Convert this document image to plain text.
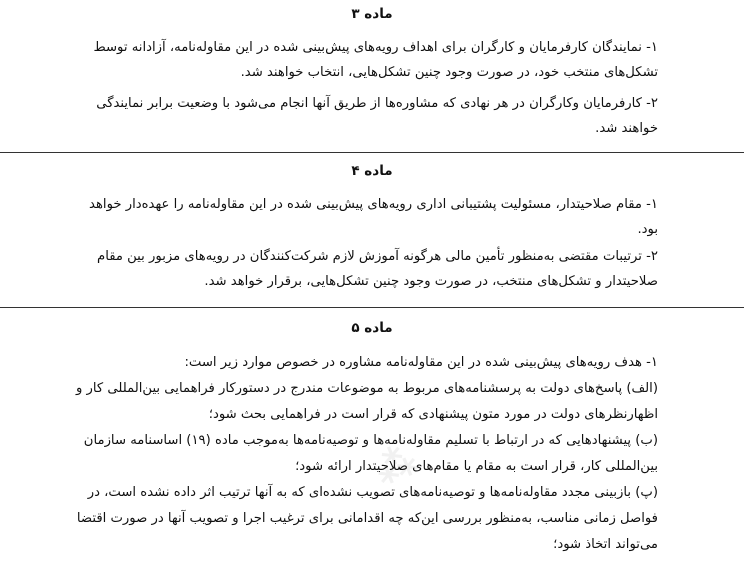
ماده ۳
۱- نمایندگان کارفرمایان و کارگران برای اهداف رویه‌های پیش‌بینی شده در این مقاوله‌نامه، آزادانه توسط
تشکل‌های منتخب خود، در صورت وجود چنین تشکل‌هایی، انتخاب خواهند شد.
۲- کارفرمایان وکارگران در هر نهادی که مشاوره‌ها از طریق آنها انجام می‌شود با وضعیت برابر نمایندگی
خواهند شد.
ماده ۴
۱- مقام صلاحیتدار، مسئولیت پشتیبانی اداری رویه‌های پیش‌بینی شده در این مقاوله‌نامه را عهده‌دار خواهد
بود.
۲- ترتیبات مقتضی به‌منظور تأمین مالی هرگونه آموزش لازم شرکت‌کنندگان در رویه‌های مزبور بین مقام
صلاحیتدار و تشکل‌های منتخب، در صورت وجود چنین تشکل‌هایی، برقرار خواهد شد.
ماده ۵
۱- هدف رویه‌های پیش‌بینی شده در این مقاوله‌نامه مشاوره در خصوص موارد زیر است:
(الف) پاسخ‌های دولت به پرسشنامه‌های مربوط به موضوعات مندرج در دستورکار فراهمایی بین‌المللی کار و
اظهارنظرهای دولت در مورد متون پیشنهادی که قرار است در فراهمایی بحث شود؛
(ب) پیشنهادهایی که در ارتباط با تسلیم مقاوله‌نامه‌ها و توصیه‌نامه‌ها به‌موجب ماده (۱۹) اساسنامه سازمان
بین‌المللی کار، قرار است به مقام یا مقام‌های صلاحیتدار ارائه شود؛
(پ) بازبینی مجدد مقاوله‌نامه‌ها و توصیه‌نامه‌های تصویب نشده‌ای که به آنها ترتیب اثر داده نشده است، در
فواصل زمانی مناسب، به‌منظور بررسی این‌که چه اقدامانی برای ترغیب اجرا و تصویب آنها در صورت اقتضا
می‌تواند اتخاذ شود؛
⁂
